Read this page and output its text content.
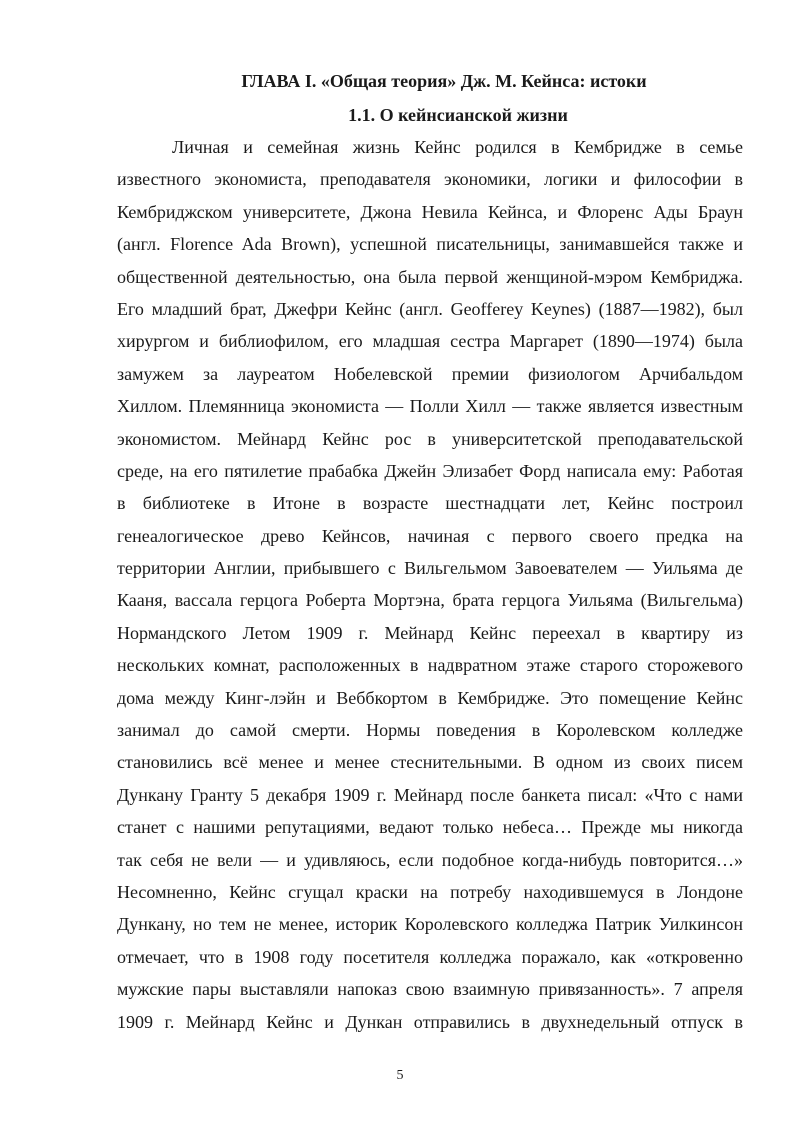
ГЛАВА I. «Общая теория» Дж. М. Кейнса: истоки
1.1. О кейнсианской жизни
Личная и семейная жизнь Кейнс родился в Кембридже в семье
известного экономиста, преподавателя экономики, логики и философии в
Кембриджском университете, Джона Невила Кейнса, и Флоренс Ады Браун
(англ. Florence Ada Brown), успешной писательницы, занимавшейся также и
общественной деятельностью, она была первой женщиной-мэром Кембриджа.
Его младший брат, Джефри Кейнс (англ. Geofferey Keynes) (1887—1982), был
хирургом и библиофилом, его младшая сестра Маргарет (1890—1974) была
замужем за лауреатом Нобелевской премии физиологом Арчибальдом
Хиллом. Племянница экономиста — Полли Хилл — также является известным
экономистом. Мейнард Кейнс рос в университетской преподавательской
среде, на его пятилетие прабабка Джейн Элизабет Форд написала ему: Работая
в библиотеке в Итоне в возрасте шестнадцати лет, Кейнс построил
генеалогическое древо Кейнсов, начиная с первого своего предка на
территории Англии, прибывшего с Вильгельмом Завоевателем — Уильяма де
Кааня, вассала герцога Роберта Мортэна, брата герцога Уильяма (Вильгельма)
Нормандского Летом 1909 г. Мейнард Кейнс переехал в квартиру из
нескольких комнат, расположенных в надвратном этаже старого сторожевого
дома между Кинг-лэйн и Веббкортом в Кембридже. Это помещение Кейнс
занимал до самой смерти. Нормы поведения в Королевском колледже
становились всё менее и менее стеснительными. В одном из своих писем
Дункану Гранту 5 декабря 1909 г. Мейнард после банкета писал: «Что с нами
станет с нашими репутациями, ведают только небеса… Прежде мы никогда
так себя не вели — и удивляюсь, если подобное когда-нибудь повторится…»
Несомненно, Кейнс сгущал краски на потребу находившемуся в Лондоне
Дункану, но тем не менее, историк Королевского колледжа Патрик Уилкинсон
отмечает, что в 1908 году посетителя колледжа поражало, как «откровенно
мужские пары выставляли напоказ свою взаимную привязанность». 7 апреля
1909 г. Мейнард Кейнс и Дункан отправились в двухнедельный отпуск в
5
